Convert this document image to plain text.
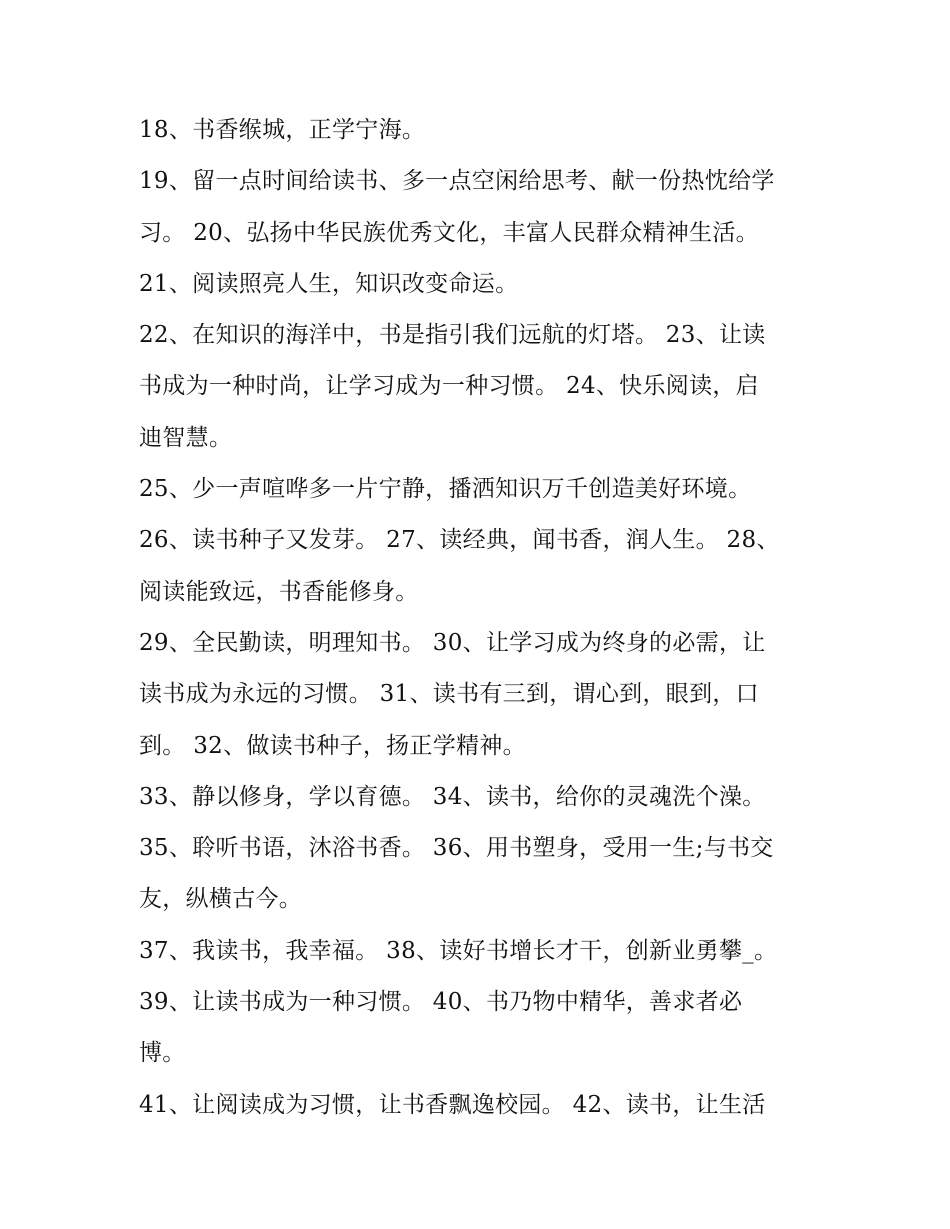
18、书香缑城，正学宁海。
19、留一点时间给读书、多一点空闲给思考、献一份热忱给学
习。 20、弘扬中华民族优秀文化，丰富人民群众精神生活。
21、阅读照亮人生，知识改变命运。
22、在知识的海洋中，书是指引我们远航的灯塔。 23、让读
书成为一种时尚，让学习成为一种习惯。 24、快乐阅读，启
迪智慧。
25、少一声喧哗多一片宁静，播洒知识万千创造美好环境。
26、读书种子又发芽。 27、读经典，闻书香，润人生。 28、
阅读能致远，书香能修身。
29、全民勤读，明理知书。 30、让学习成为终身的必需，让
读书成为永远的习惯。 31、读书有三到，谓心到，眼到，口
到。 32、做读书种子，扬正学精神。
33、静以修身，学以育德。 34、读书，给你的灵魂洗个澡。
35、聆听书语，沐浴书香。 36、用书塑身，受用一生;与书交
友，纵横古今。
37、我读书，我幸福。 38、读好书增长才干，创新业勇攀_。
39、让读书成为一种习惯。 40、书乃物中精华，善求者必
博。
41、让阅读成为习惯，让书香飘逸校园。 42、读书，让生活
